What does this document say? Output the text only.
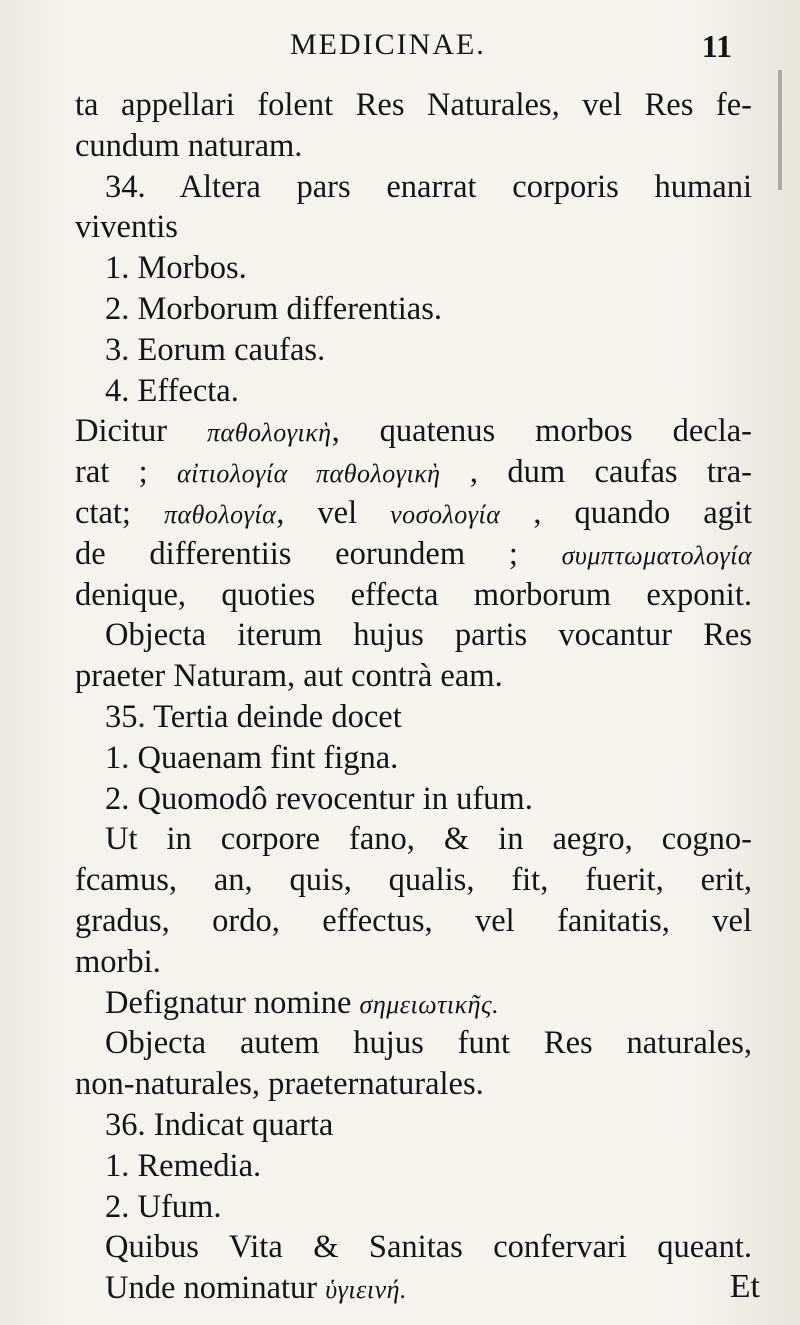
MEDICINAE.	11
ta appellari folent Res Naturales, vel Res fe-
cundum naturam.
34. Altera pars enarrat corporis humani
viventis
1. Morbos.
2. Morborum differentias.
3. Eorum caufas.
4. Effecta.
Dicitur παθολογικὴ, quatenus morbos decla-
rat ; αἰτιολογία παθολογικὴ , dum caufas tra-
ctat; παθολογία, vel νοσολογία , quando agit
de differentiis eorundem ; συμπτωματολογία
denique, quoties effecta morborum exponit.
Objecta iterum hujus partis vocantur Res
praeter Naturam, aut contrà eam.
35. Tertia deinde docet
1. Quaenam fint figna.
2. Quomodô revocentur in ufum.
Ut in corpore fano, & in aegro, cogno-
fcamus, an, quis, qualis, fit, fuerit, erit,
gradus, ordo, effectus, vel fanitatis, vel
morbi.
Defignatur nomine σημειωτικῆς.
Objecta autem hujus funt Res naturales,
non-naturales, praeternaturales.
36. Indicat quarta
1. Remedia.
2. Ufum.
Quibus Vita & Sanitas confervari queant.
Unde nominatur ὑγιεινή.	Et
